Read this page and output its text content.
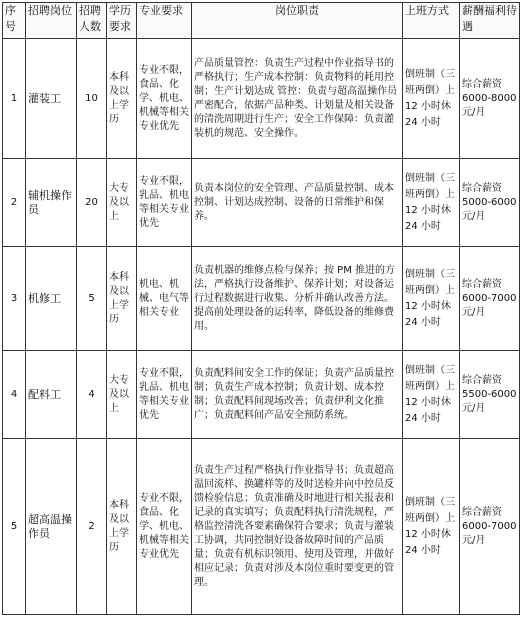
序号	招聘岗位	招聘人数	学历要求	专业要求	岗位职责	上班方式	薪酬福利待遇
1	灌装工	10	本科及以上学历	专业不限，食品、化学、机电、机械等相关专业优先	产品质量管控：负责生产过程中作业指导书的严格执行；生产成本控制：负责物料的耗用控制；生产计划达成 管控：负责与超高温操作员严密配合，依据产品种类、计划量及相关设备的清洗周期进行生产；安全工作保障：负责灌装机的规范、安全操作。	倒班制（三班两倒）上 12 小时休 24 小时	综合薪资6000-8000元/月
2	辅机操作员	20	大专及以上	专业不限，乳品、机电等相关专业优先	负责本岗位的安全管理、产品质量控制、成本控制、计划达成控制、设备的日常维护和保养。	倒班制（三班两倒）上 12 小时休 24 小时	综合薪资5000-6000元/月
3	机修工	5	本科及以上学历	机电、机械、电气等相关专业	负责机器的维修点检与保养；按 PM 推进的方法，严格执行设备维护、保养计划；对设备运行过程数据进行收集、分析并确认改善方法。提高前处理设备的运转率，降低设备的维修费用。	倒班制（三班两倒）上 12 小时休 24 小时	综合薪资6000-7000元/月
4	配料工	4	大专及以上	专业不限，乳品、机电等相关专业优先	负责配料间安全工作的保证；负责产品质量控制；负责生产成本控制；负责计划、成本控制；负责配料间现场改善；负责伊利文化推广；负责配料间产品安全预防系统。	倒班制（三班两倒）上 12 小时休 24 小时	综合薪资5500-6000元/月
5	超高温操作员	2	本科及以上学历	专业不限，食品、化学、机电、机械等相关专业优先	负责生产过程严格执行作业指导书；负责超高温回流样、换罐样等的及时送检并向中控员反馈检验信息；负责准确及时地进行相关报表和记录的真实填写；负责配料执行清洗规程，严格监控清洗各要素确保符合要求；负责与灌装工协调，共同控制好设备故障时间的产品质量；负责有机标识领用、使用及管理，并做好相应记录；负责对涉及本岗位重时要变更的管理。	倒班制（三班两倒）上 12 小时休 24 小时	综合薪资6000-7000元/月
